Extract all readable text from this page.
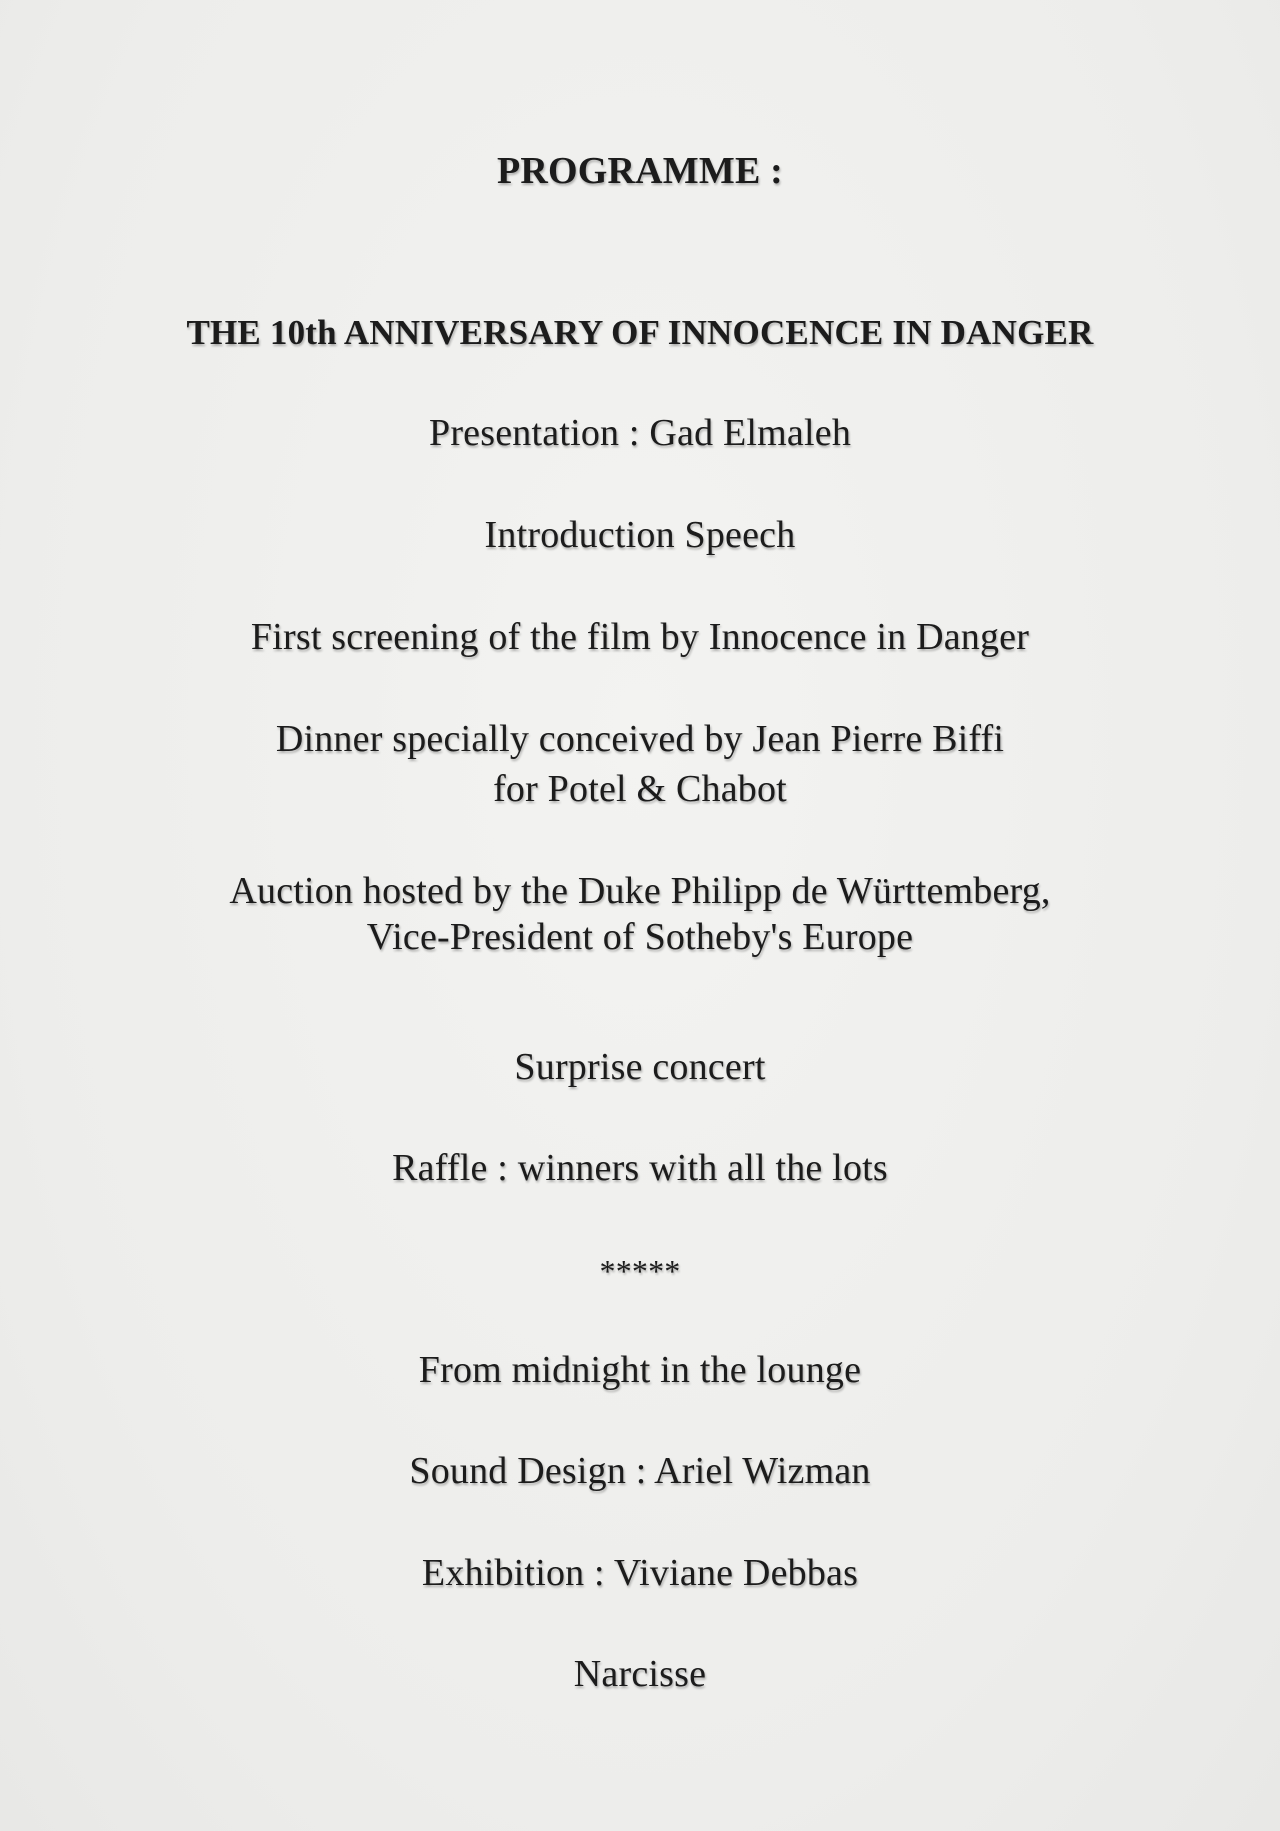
PROGRAMME :
THE 10th ANNIVERSARY OF INNOCENCE IN DANGER
Presentation : Gad Elmaleh
Introduction Speech
First screening of the film by Innocence in Danger
Dinner specially conceived by Jean Pierre Biffi
for Potel & Chabot
Auction hosted by the Duke Philipp de Württemberg,
Vice-President of Sotheby's Europe
Surprise concert
Raffle : winners with all the lots
*****
From midnight in the lounge
Sound Design : Ariel Wizman
Exhibition : Viviane Debbas
Narcisse
